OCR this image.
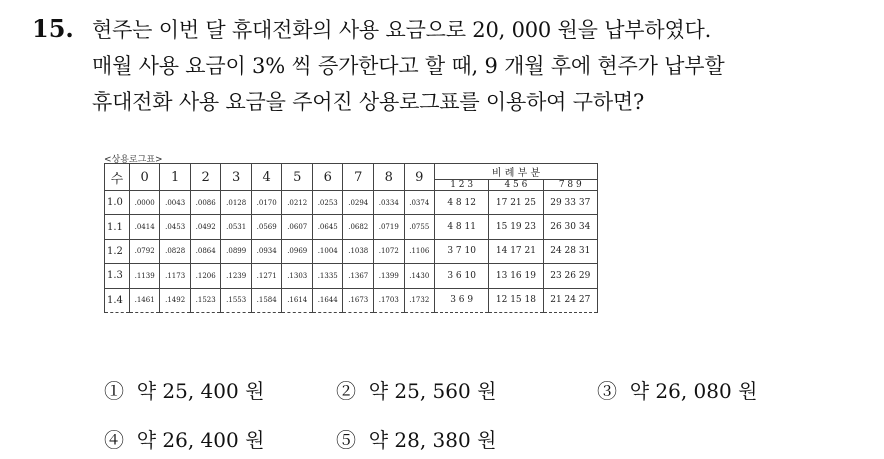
15. 현주는 이번 달 휴대전화의 사용 요금으로 20, 000 원을 납부하였다.
매월 사용 요금이 3% 씩 증가한다고 할 때, 9 개월 후에 현주가 납부할
휴대전화 사용 요금을 주어진 상용로그표를 이용하여 구하면?
<상용로그표>
수	0	1	2	3	4	5	6	7	8	9	비 례 부 분		
											1 2 3	4 5 6	7 8 9
1.0	.0000	.0043	.0086	.0128	.0170	.0212	.0253	.0294	.0334	.0374	4 8 12	17 21 25	29 33 37
1.1	.0414	.0453	.0492	.0531	.0569	.0607	.0645	.0682	.0719	.0755	4 8 11	15 19 23	26 30 34
1.2	.0792	.0828	.0864	.0899	.0934	.0969	.1004	.1038	.1072	.1106	3 7 10	14 17 21	24 28 31
1.3	.1139	.1173	.1206	.1239	.1271	.1303	.1335	.1367	.1399	.1430	3 6 10	13 16 19	23 26 29
1.4	.1461	.1492	.1523	.1553	.1584	.1614	.1644	.1673	.1703	.1732	3 6 9	12 15 18	21 24 27
① 약 25, 400 원	② 약 25, 560 원	③ 약 26, 080 원
④ 약 26, 400 원	⑤ 약 28, 380 원
